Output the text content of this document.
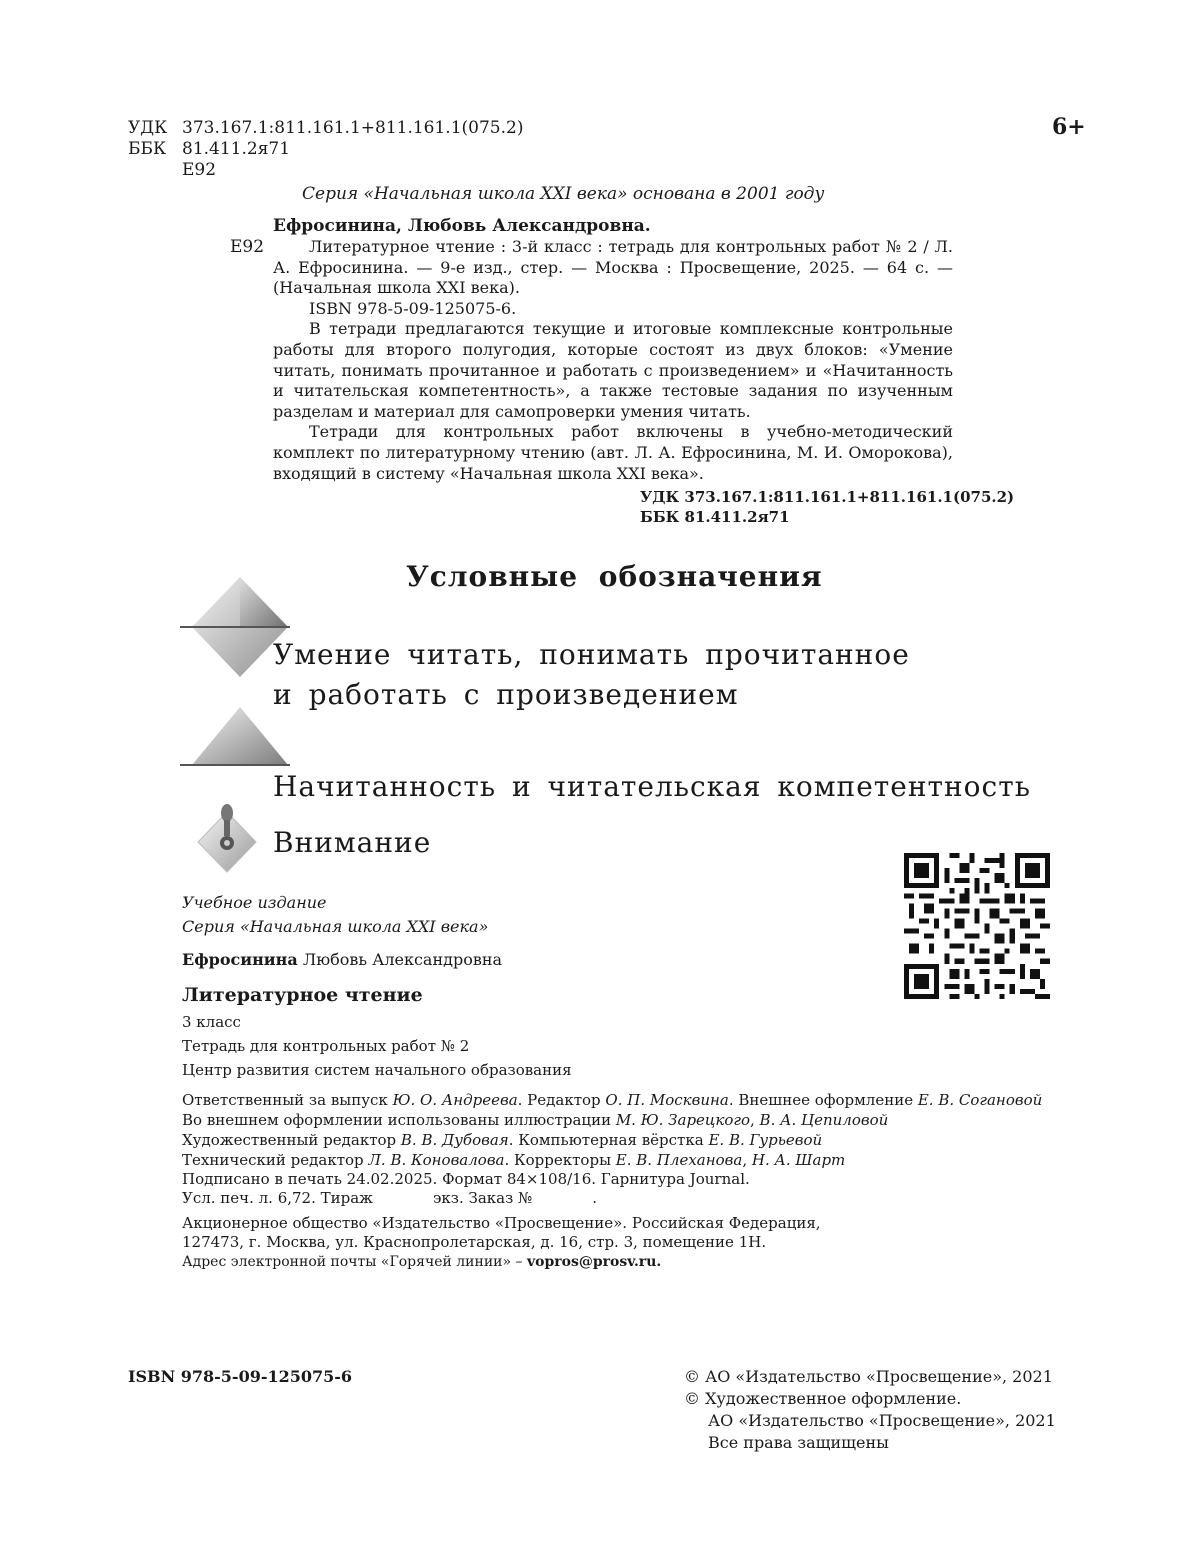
УДК 373.167.1:811.161.1+811.161.1(075.2)
ББК 81.411.2я71
Е92
6+
Серия «Начальная школа XXI века» основана в 2001 году
Ефросинина, Любовь Александровна.
Е92	Литературное чтение : 3-й класс : тетрадь для контрольных работ № 2 / Л. А. Ефросинина. — 9-е изд., стер. — Москва : Просвещение, 2025. — 64 с. — (Начальная школа XXI века).

ISBN 978-5-09-125075-6.

В тетради предлагаются текущие и итоговые комплексные контрольные работы для второго полугодия, которые состоят из двух блоков: «Умение читать, понимать прочитанное и работать с произведением» и «Начитанность и читательская компетентность», а также тестовые задания по изученным разделам и материал для самопроверки умения читать.

Тетради для контрольных работ включены в учебно-методический комплект по литературному чтению (авт. Л. А. Ефросинина, М. И. Оморокова), входящий в систему «Начальная школа XXI века».

УДК 373.167.1:811.161.1+811.161.1(075.2)
ББК 81.411.2я71
Условные обозначения
Умение читать, понимать прочитанное
и работать с произведением
Начитанность и читательская компетентность
Внимание
Учебное издание
Серия «Начальная школа XXI века»
Ефросинина Любовь Александровна
Литературное чтение
3 класс
Тетрадь для контрольных работ № 2
Центр развития систем начального образования
Ответственный за выпуск Ю. О. Андреева. Редактор О. П. Москвина. Внешнее оформление Е. В. Согановой
Во внешнем оформлении использованы иллюстрации М. Ю. Зарецкого, В. А. Цепиловой
Художественный редактор В. В. Дубовая. Компьютерная вёрстка Е. В. Гурьевой
Технический редактор Л. В. Коновалова. Корректоры Е. В. Плеханова, Н. А. Шарт
Подписано в печать 24.02.2025. Формат 84×108/16. Гарнитура Journal.
Усл. печ. л. 6,72. Тираж	экз. Заказ №	.
Акционерное общество «Издательство «Просвещение». Российская Федерация,
127473, г. Москва, ул. Краснопролетарская, д. 16, стр. 3, помещение 1Н.
Адрес электронной почты «Горячей линии» – vopros@prosv.ru.
ISBN 978-5-09-125075-6	© АО «Издательство «Просвещение», 2021
© Художественное оформление.
АО «Издательство «Просвещение», 2021
Все права защищены
